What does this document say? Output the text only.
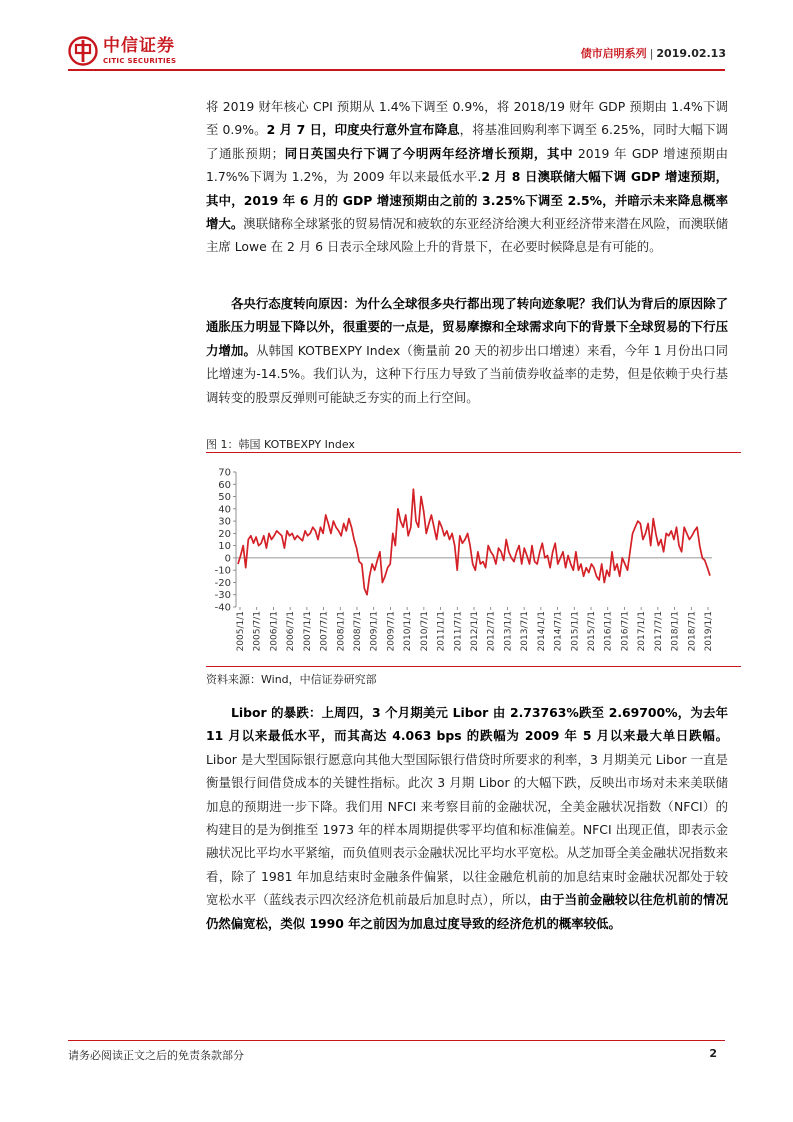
中信证券
CITIC SECURITIES
债市启明系列 | 2019.02.13

将 2019 财年核心 CPI 预期从 1.4%下调至 0.9%，将 2018/19 财年 GDP 预期由 1.4%下调至 0.9%。2 月 7 日，印度央行意外宣布降息，将基准回购利率下调至 6.25%，同时大幅下调了通胀预期；同日英国央行下调了今明两年经济增长预期，其中 2019 年 GDP 增速预期由 1.7%%下调为 1.2%，为 2009 年以来最低水平.2 月 8 日澳联储大幅下调 GDP 增速预期，其中，2019 年 6 月的 GDP 增速预期由之前的 3.25%下调至 2.5%，并暗示未来降息概率增大。澳联储称全球紧张的贸易情况和疲软的东亚经济给澳大利亚经济带来潜在风险，而澳联储主席 Lowe 在 2 月 6 日表示全球风险上升的背景下，在必要时候降息是有可能的。

各央行态度转向原因：为什么全球很多央行都出现了转向迹象呢？我们认为背后的原因除了通胀压力明显下降以外，很重要的一点是，贸易摩擦和全球需求向下的背景下全球贸易的下行压力增加。从韩国 KOTBEXPY Index（衡量前 20 天的初步出口增速）来看，今年 1 月份出口同比增速为-14.5%。我们认为，这种下行压力导致了当前债券收益率的走势，但是依赖于央行基调转变的股票反弹则可能缺乏夯实的而上行空间。

图 1：韩国 KOTBEXPY Index
-40
-30
-20
-10
0
10
20
30
40
50
60
70
2005/1/1 2005/7/1 2006/1/1 2006/7/1 2007/1/1 2007/7/1 2008/1/1 2008/7/1 2009/1/1 2009/7/1 2010/1/1 2010/7/1 2011/1/1 2011/7/1 2012/1/1 2012/7/1 2013/1/1 2013/7/1 2014/1/1 2014/7/1 2015/1/1 2015/7/1 2016/1/1 2016/7/1 2017/1/1 2017/7/1 2018/1/1 2018/7/1 2019/1/1
资料来源：Wind，中信证券研究部

Libor 的暴跌：上周四，3 个月期美元 Libor 由 2.73763%跌至 2.69700%，为去年 11 月以来最低水平，而其高达 4.063 bps 的跌幅为 2009 年 5 月以来最大单日跌幅。Libor 是大型国际银行愿意向其他大型国际银行借贷时所要求的利率，3 月期美元 Libor 一直是衡量银行间借贷成本的关键性指标。此次 3 月期 Libor 的大幅下跌，反映出市场对未来美联储加息的预期进一步下降。我们用 NFCI 来考察目前的金融状况，全美金融状况指数（NFCI）的构建目的是为倒推至 1973 年的样本周期提供零平均值和标准偏差。NFCI 出现正值，即表示金融状况比平均水平紧缩，而负值则表示金融状况比平均水平宽松。从芝加哥全美金融状况指数来看，除了 1981 年加息结束时金融条件偏紧，以往金融危机前的加息结束时金融状况都处于较宽松水平（蓝线表示四次经济危机前最后加息时点），所以，由于当前金融较以往危机前的情况仍然偏宽松，类似 1990 年之前因为加息过度导致的经济危机的概率较低。

请务必阅读正文之后的免责条款部分	2
